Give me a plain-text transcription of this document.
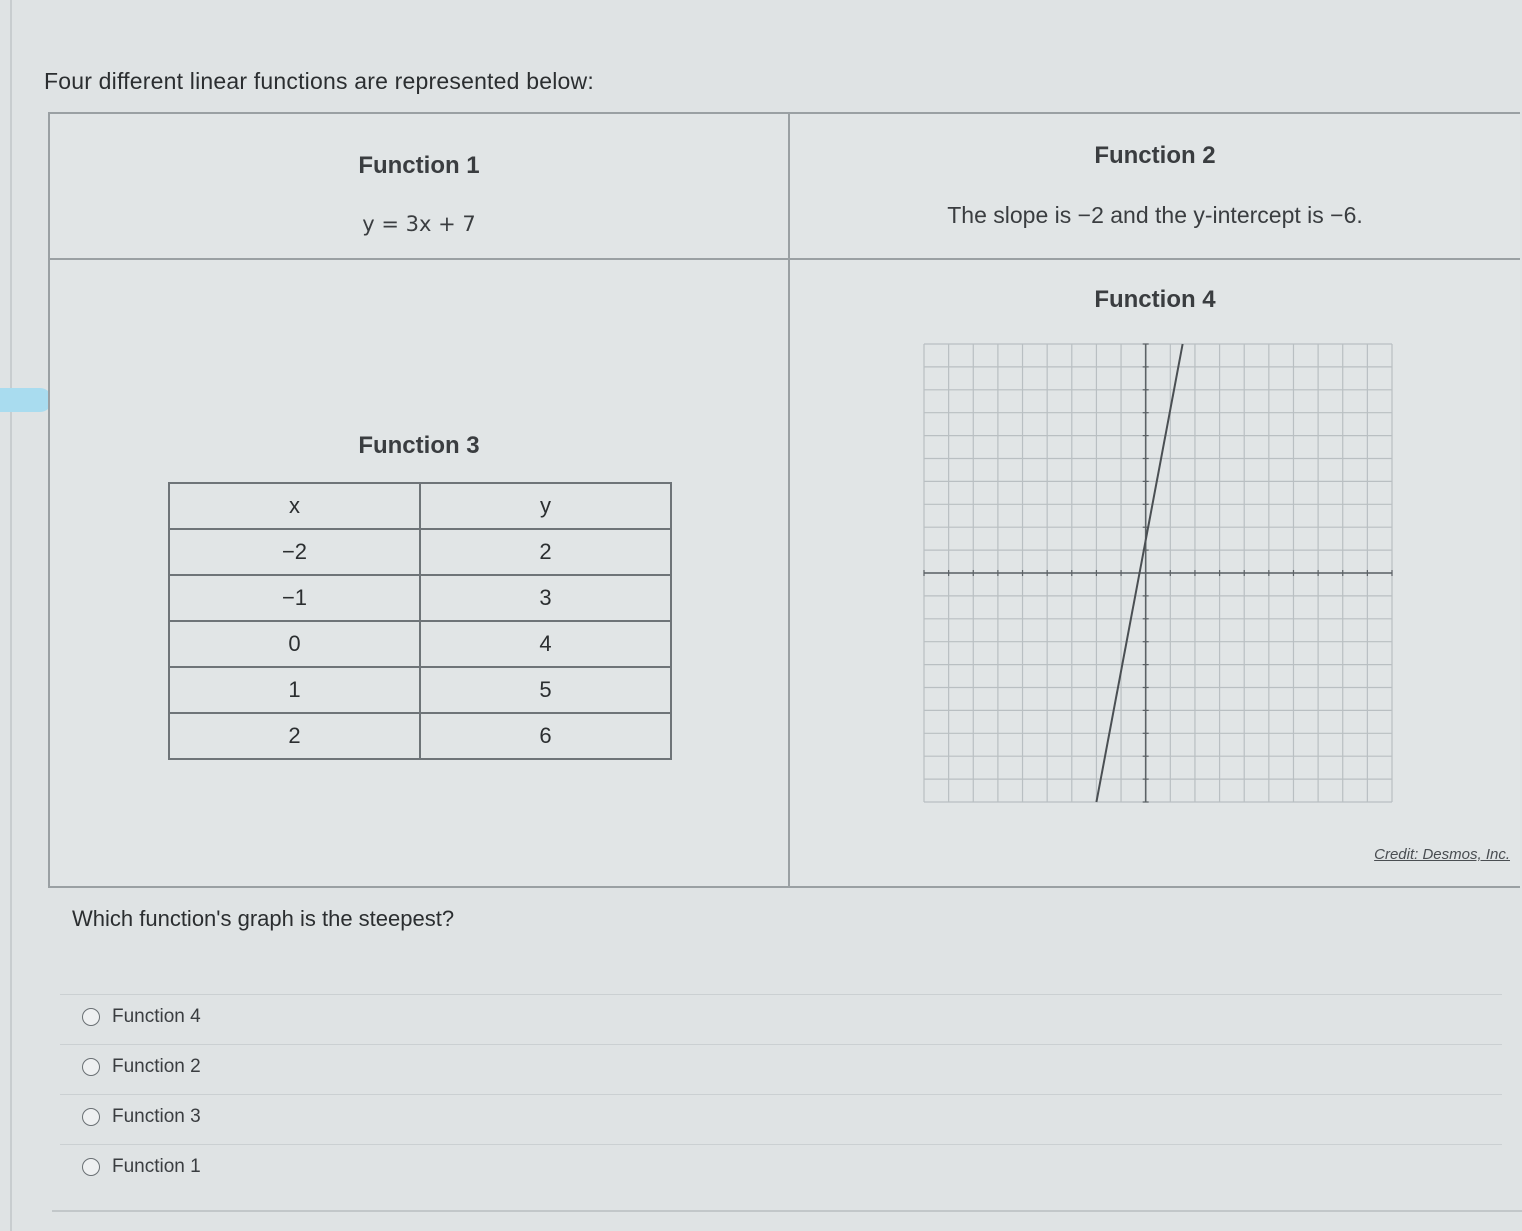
Four different linear functions are represented below:
Function 1
y = 3x + 7
Function 2
The slope is −2 and the y-intercept is −6.
Function 3
x	y
−2	2
−1	3
0	4
1	5
2	6
Function 4
Credit: Desmos, Inc.
Which function's graph is the steepest?
Function 4
Function 2
Function 3
Function 1
